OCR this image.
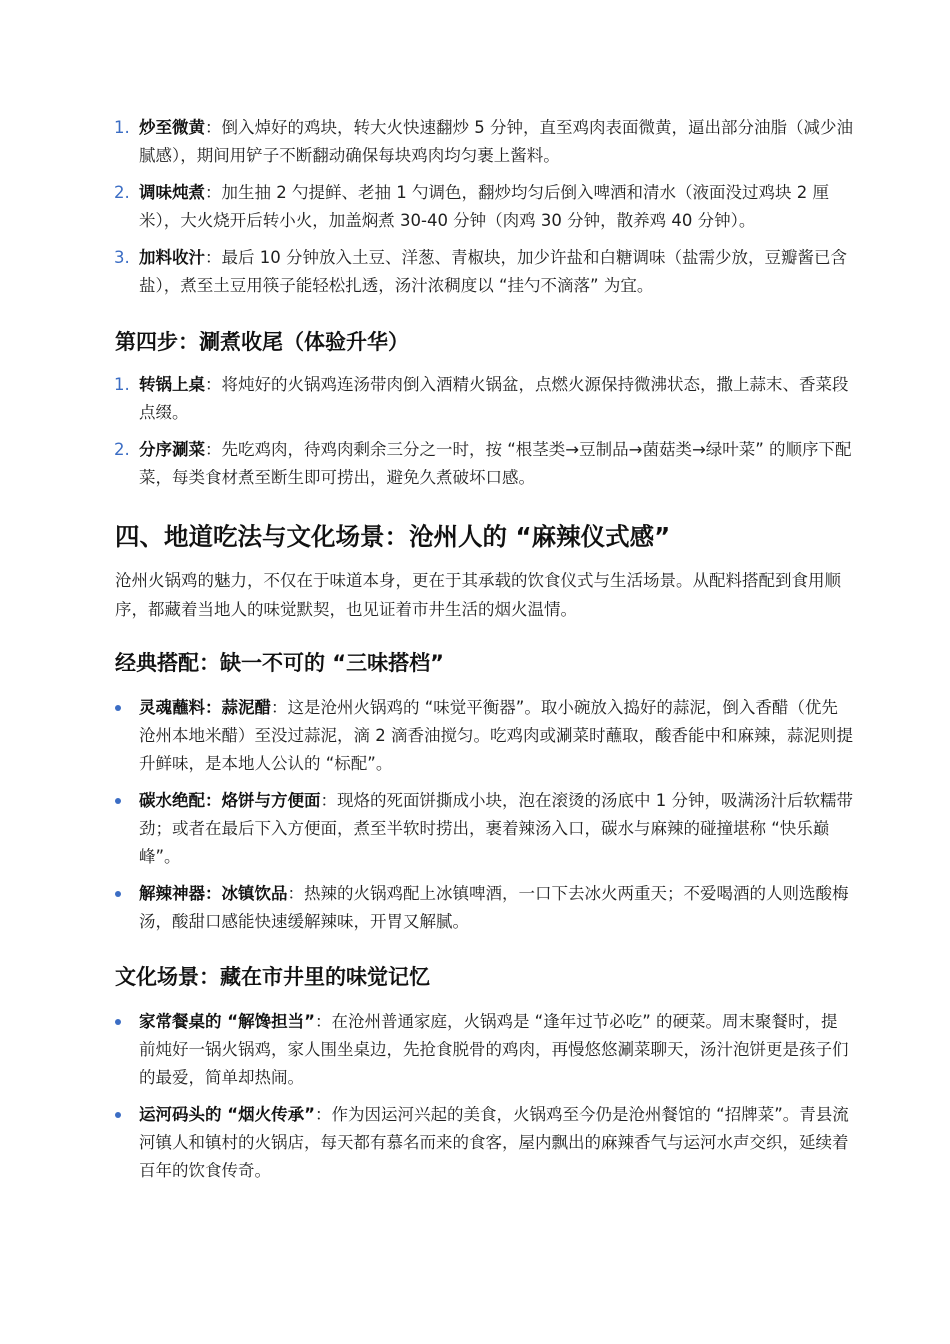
1. 炒至微黄：倒入焯好的鸡块，转大火快速翻炒 5 分钟，直至鸡肉表面微黄，逼出部分油脂（减少油腻感），期间用铲子不断翻动确保每块鸡肉均匀裹上酱料。
2. 调味炖煮：加生抽 2 勺提鲜、老抽 1 勺调色，翻炒均匀后倒入啤酒和清水（液面没过鸡块 2 厘米），大火烧开后转小火，加盖焖煮 30-40 分钟（肉鸡 30 分钟，散养鸡 40 分钟）。
3. 加料收汁：最后 10 分钟放入土豆、洋葱、青椒块，加少许盐和白糖调味（盐需少放，豆瓣酱已含盐），煮至土豆用筷子能轻松扎透，汤汁浓稠度以 “挂勺不滴落” 为宜。
第四步：涮煮收尾（体验升华）
1. 转锅上桌：将炖好的火锅鸡连汤带肉倒入酒精火锅盆，点燃火源保持微沸状态，撒上蒜末、香菜段点缀。
2. 分序涮菜：先吃鸡肉，待鸡肉剩余三分之一时，按 “根茎类→豆制品→菌菇类→绿叶菜” 的顺序下配菜，每类食材煮至断生即可捞出，避免久煮破坏口感。
四、地道吃法与文化场景：沧州人的 “麻辣仪式感”

沧州火锅鸡的魅力，不仅在于味道本身，更在于其承载的饮食仪式与生活场景。从配料搭配到食用顺序，都藏着当地人的味觉默契，也见证着市井生活的烟火温情。

经典搭配：缺一不可的 “三味搭档”
灵魂蘸料：蒜泥醋：这是沧州火锅鸡的 “味觉平衡器”。取小碗放入捣好的蒜泥，倒入香醋（优先沧州本地米醋）至没过蒜泥，滴 2 滴香油搅匀。吃鸡肉或涮菜时蘸取，酸香能中和麻辣，蒜泥则提升鲜味，是本地人公认的 “标配”。
碳水绝配：烙饼与方便面：现烙的死面饼撕成小块，泡在滚烫的汤底中 1 分钟，吸满汤汁后软糯带劲；或者在最后下入方便面，煮至半软时捞出，裹着辣汤入口，碳水与麻辣的碰撞堪称 “快乐巅峰”。
解辣神器：冰镇饮品：热辣的火锅鸡配上冰镇啤酒，一口下去冰火两重天；不爱喝酒的人则选酸梅汤，酸甜口感能快速缓解辣味，开胃又解腻。
文化场景：藏在市井里的味觉记忆
家常餐桌的 “解馋担当”：在沧州普通家庭，火锅鸡是 “逢年过节必吃” 的硬菜。周末聚餐时，提前炖好一锅火锅鸡，家人围坐桌边，先抢食脱骨的鸡肉，再慢悠悠涮菜聊天，汤汁泡饼更是孩子们的最爱，简单却热闹。
运河码头的 “烟火传承”：作为因运河兴起的美食，火锅鸡至今仍是沧州餐馆的 “招牌菜”。青县流河镇人和镇村的火锅店，每天都有慕名而来的食客，屋内飘出的麻辣香气与运河水声交织，延续着百年的饮食传奇。
